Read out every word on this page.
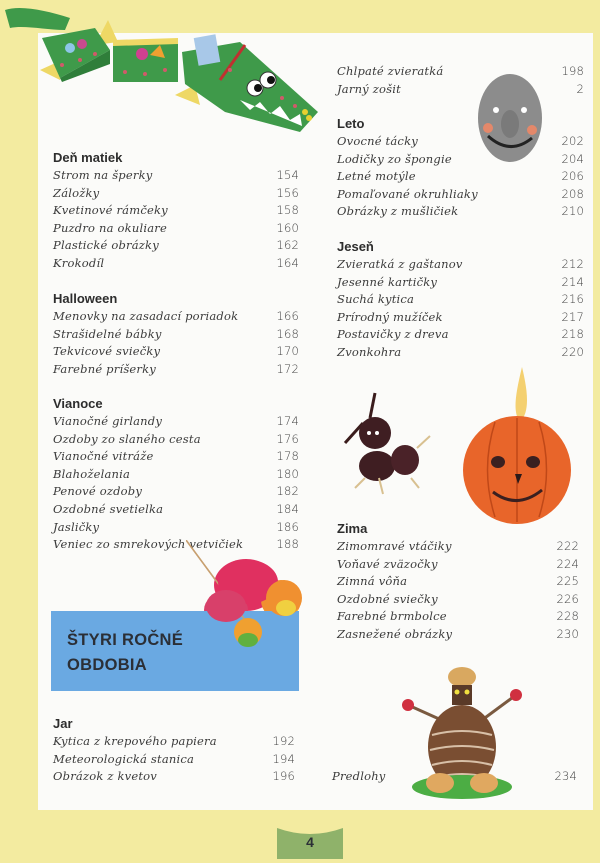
Deň matiek
Strom na šperky	154
Záložky	156
Kvetinové rámčeky	158
Puzdro na okuliare	160
Plastické obrázky	162
Krokodíl	164
Halloween
Menovky na zasadací poriadok	166
Strašidelné bábky	168
Tekvicové sviečky	170
Farebné príšerky	172
Vianoce
Vianočné girlandy	174
Ozdoby zo slaného cesta	176
Vianočné vitráže	178
Blahoželania	180
Penové ozdoby	182
Ozdobné svetielka	184
Jasličky	186
Veniec zo smrekových vetvičiek	188
ŠTYRI ROČNÉ
OBDOBIA
Jar
Kytica z krepového papiera	192
Meteorologická stanica	194
Obrázok z kvetov	196
Chlpaté zvieratká	198
Jarný zošit	2
Leto
Ovocné tácky	202
Lodičky zo špongie	204
Letné motýle	206
Pomaľované okruhliaky	208
Obrázky z mušličiek	210
Jeseň
Zvieratká z gaštanov	212
Jesenné kartičky	214
Suchá kytica	216
Prírodný mužíček	217
Postavičky z dreva	218
Zvonkohra	220
Zima
Zimomravé vtáčiky	222
Voňavé zväzočky	224
Zimná vôňa	225
Ozdobné sviečky	226
Farebné brmbolce	228
Zasnežené obrázky	230
Predlohy	234
4
